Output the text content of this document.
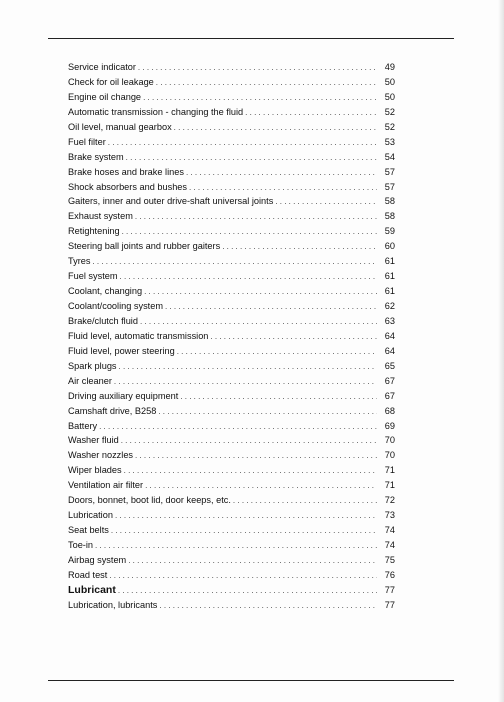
Service indicator . . .	49
Check for oil leakage . . .	50
Engine oil change . . .	50
Automatic transmission - changing the fluid . . .	52
Oil level, manual gearbox . . .	52
Fuel filter . . .	53
Brake system . . .	54
Brake hoses and brake lines . . .	57
Shock absorbers and bushes . . .	57
Gaiters, inner and outer drive-shaft universal joints . . .	58
Exhaust system . . .	58
Retightening . . .	59
Steering ball joints and rubber gaiters . . .	60
Tyres . . .	61
Fuel system . . .	61
Coolant, changing . . .	61
Coolant/cooling system . . .	62
Brake/clutch fluid . . .	63
Fluid level, automatic transmission . . .	64
Fluid level, power steering . . .	64
Spark plugs . . .	65
Air cleaner . . .	67
Driving auxiliary equipment . . .	67
Camshaft drive, B258 . . .	68
Battery . . .	69
Washer fluid . . .	70
Washer nozzles . . .	70
Wiper blades . . .	71
Ventilation air filter . . .	71
Doors, bonnet, boot lid, door keeps, etc. . . .	72
Lubrication . . .	73
Seat belts . . .	74
Toe-in . . .	74
Airbag system . . .	75
Road test . . .	76
Lubricant . . .	77
Lubrication, lubricants . . .	77
